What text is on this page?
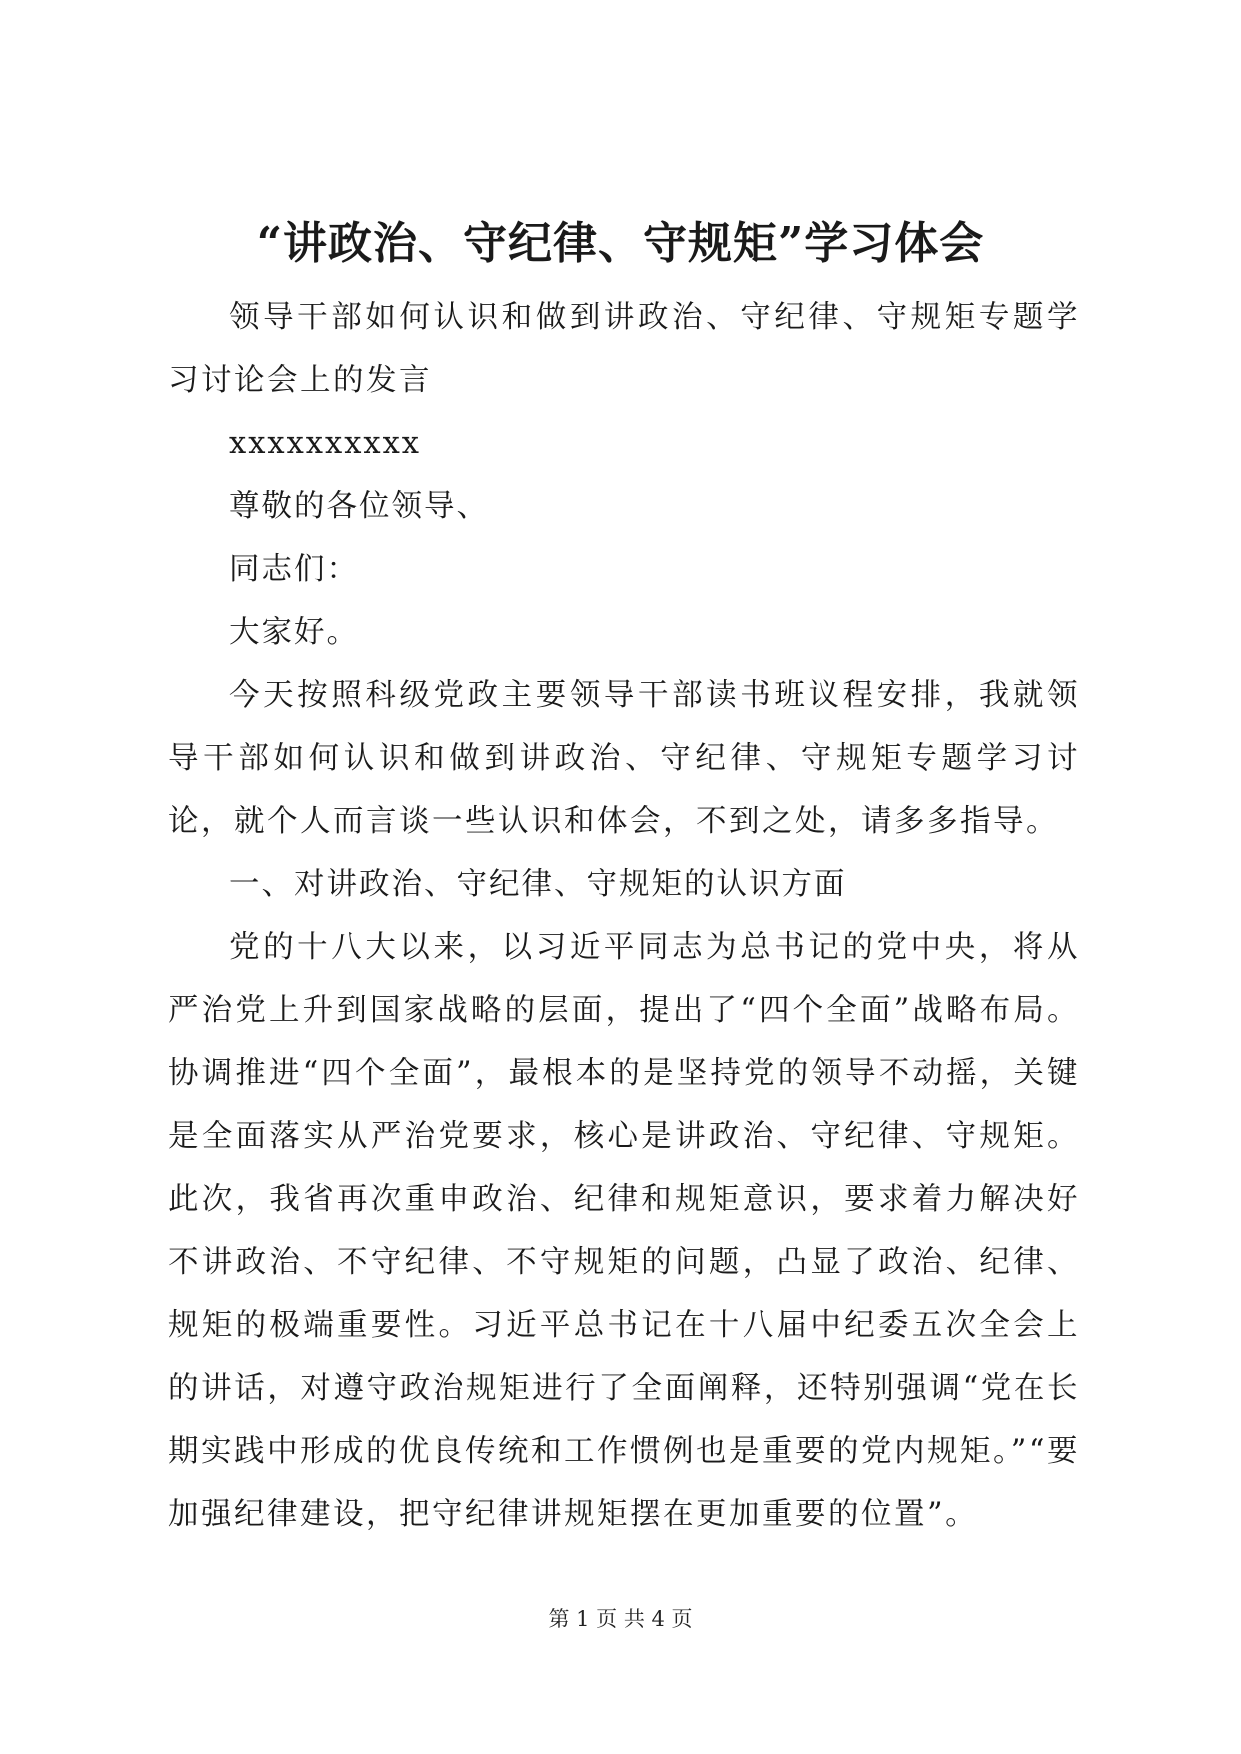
“讲政治、守纪律、守规矩”学习体会

领导干部如何认识和做到讲政治、守纪律、守规矩专题学习讨论会上的发言

xxxxxxxxxx

尊敬的各位领导、

同志们：

大家好。

今天按照科级党政主要领导干部读书班议程安排，我就领导干部如何认识和做到讲政治、守纪律、守规矩专题学习讨论，就个人而言谈一些认识和体会，不到之处，请多多指导。

一、对讲政治、守纪律、守规矩的认识方面

党的十八大以来，以习近平同志为总书记的党中央，将从严治党上升到国家战略的层面，提出了“四个全面”战略布局。协调推进“四个全面”，最根本的是坚持党的领导不动摇，关键是全面落实从严治党要求，核心是讲政治、守纪律、守规矩。此次，我省再次重申政治、纪律和规矩意识，要求着力解决好不讲政治、不守纪律、不守规矩的问题，凸显了政治、纪律、规矩的极端重要性。习近平总书记在十八届中纪委五次全会上的讲话，对遵守政治规矩进行了全面阐释，还特别强调“党在长期实践中形成的优良传统和工作惯例也是重要的党内规矩。”“要加强纪律建设，把守纪律讲规矩摆在更加重要的位置”。

第 1 页 共 4 页
